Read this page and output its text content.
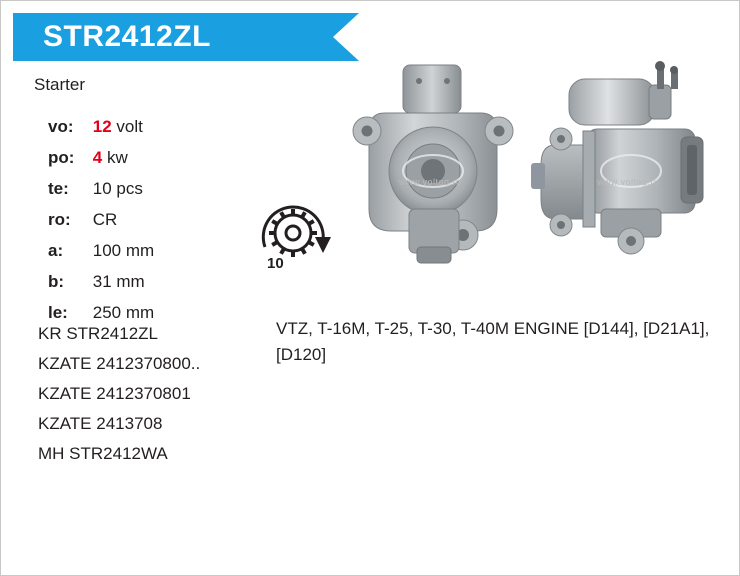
STR2412ZL
Starter
vo: 12 volt
po: 4 kw
te: 10 pcs
ro: CR
a: 100 mm
b: 31 mm
le: 250 mm
KR STR2412ZL
KZATE 2412370800..
KZATE 2412370801
KZATE 2413708
MH STR2412WA
VTZ, T-16M, T-25, T-30, T-40M ENGINE [D144], [D21A1], [D120]
10
www.voltag.ru	www.voltag.ru
